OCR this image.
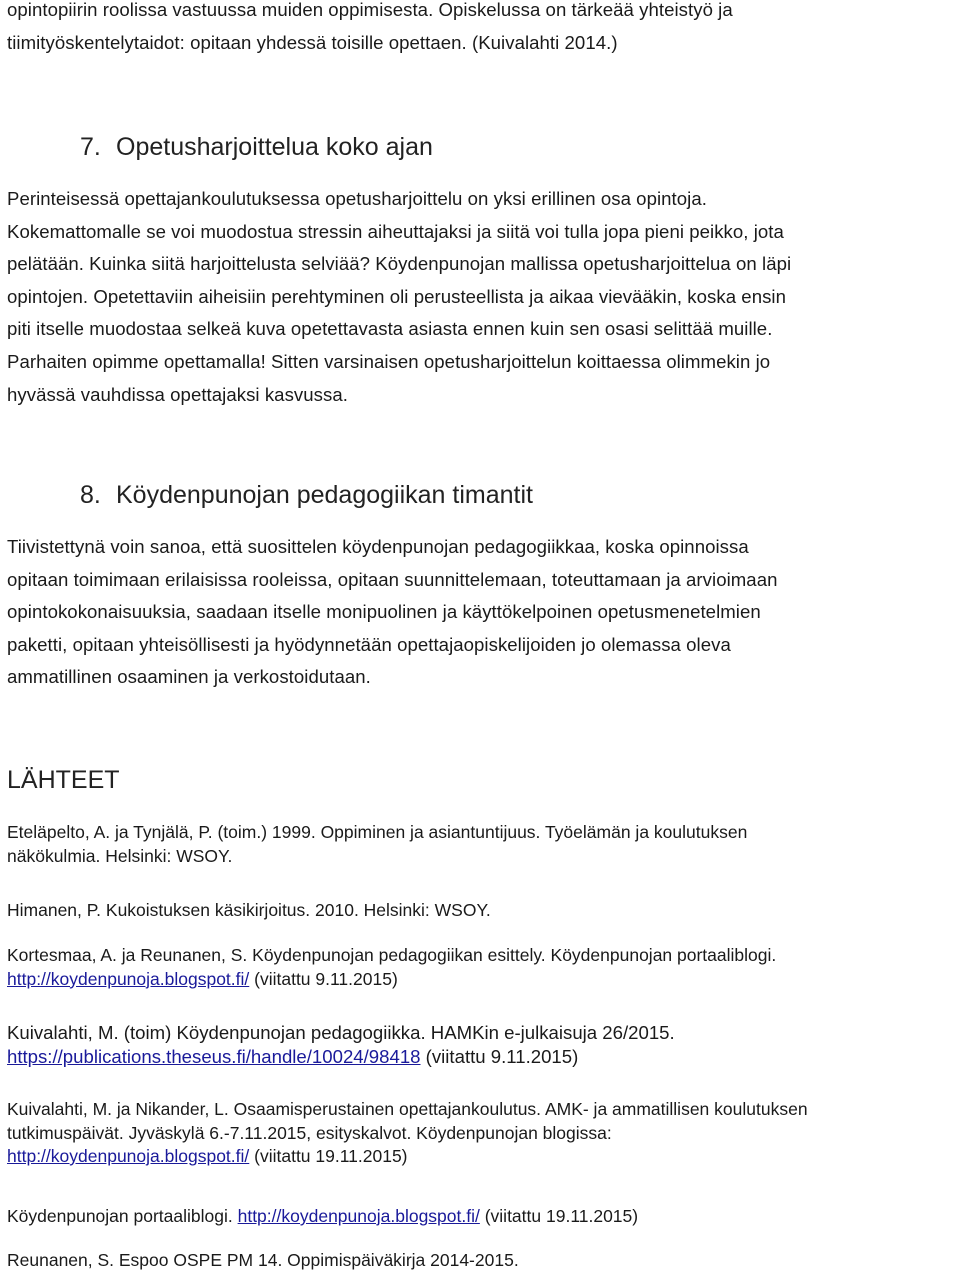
opintopiirin roolissa vastuussa muiden oppimisesta. Opiskelussa on tärkeää yhteistyö ja
tiimityöskentelytaidot: opitaan yhdessä toisille opettaen. (Kuivalahti 2014.)

7. Opetusharjoittelua koko ajan

Perinteisessä opettajankoulutuksessa opetusharjoittelu on yksi erillinen osa opintoja.
Kokemattomalle se voi muodostua stressin aiheuttajaksi ja siitä voi tulla jopa pieni peikko, jota
pelätään. Kuinka siitä harjoittelusta selviää? Köydenpunojan mallissa opetusharjoittelua on läpi
opintojen. Opetettaviin aiheisiin perehtyminen oli perusteellista ja aikaa vievääkin, koska ensin
piti itselle muodostaa selkeä kuva opetettavasta asiasta ennen kuin sen osasi selittää muille.
Parhaiten opimme opettamalla! Sitten varsinaisen opetusharjoittelun koittaessa olimmekin jo
hyvässä vauhdissa opettajaksi kasvussa.

8. Köydenpunojan pedagogiikan timantit

Tiivistettynä voin sanoa, että suosittelen köydenpunojan pedagogiikkaa, koska opinnoissa
opitaan toimimaan erilaisissa rooleissa, opitaan suunnittelemaan, toteuttamaan ja arvioimaan
opintokokonaisuuksia, saadaan itselle monipuolinen ja käyttökelpoinen opetusmenetelmien
paketti, opitaan yhteisöllisesti ja hyödynnetään opettajaopiskelijoiden jo olemassa oleva
ammatillinen osaaminen ja verkostoidutaan.

LÄHTEET

Eteläpelto, A. ja Tynjälä, P. (toim.) 1999. Oppiminen ja asiantuntijuus. Työelämän ja koulutuksen
näkökulmia. Helsinki: WSOY.

Himanen, P. Kukoistuksen käsikirjoitus. 2010. Helsinki: WSOY.

Kortesmaa, A. ja Reunanen, S. Köydenpunojan pedagogiikan esittely. Köydenpunojan portaaliblogi.
http://koydenpunoja.blogspot.fi/ (viitattu 9.11.2015)

Kuivalahti, M. (toim) Köydenpunojan pedagogiikka. HAMKin e-julkaisuja 26/2015.
https://publications.theseus.fi/handle/10024/98418 (viitattu 9.11.2015)

Kuivalahti, M. ja Nikander, L. Osaamisperustainen opettajankoulutus. AMK- ja ammatillisen koulutuksen
tutkimuspäivät. Jyväskylä 6.-7.11.2015, esityskalvot. Köydenpunojan blogissa:
http://koydenpunoja.blogspot.fi/ (viitattu 19.11.2015)

Köydenpunojan portaaliblogi. http://koydenpunoja.blogspot.fi/ (viitattu 19.11.2015)

Reunanen, S. Espoo OSPE PM 14. Oppimispäiväkirja 2014-2015.
